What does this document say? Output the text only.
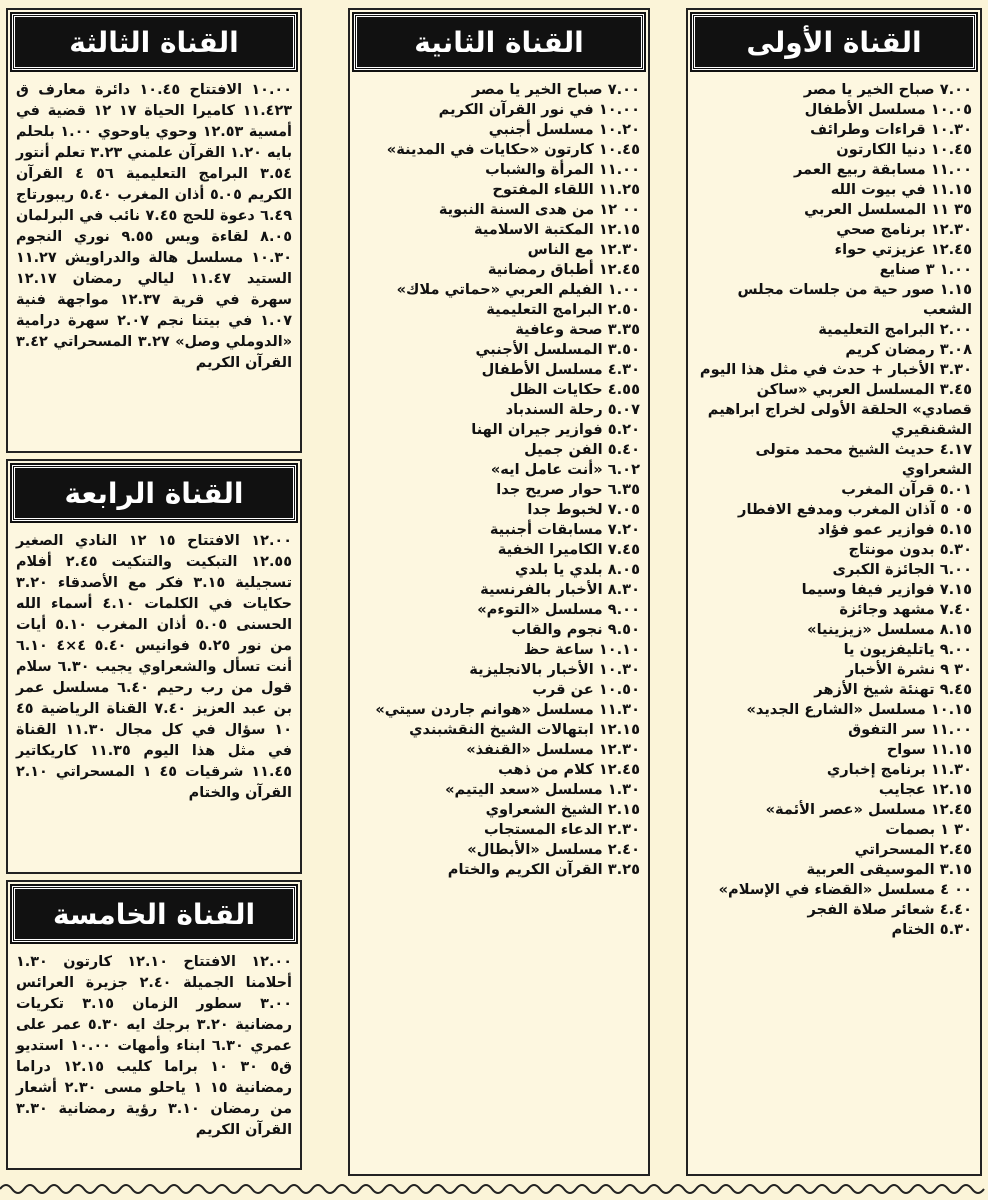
القناة الثالثة

١٠.٠٠ الافتتاح ١٠.٤٥ دائرة معارف ق ١١.٤٢٣ كاميرا الحياة ١٧ ١٢ قضية في أمسية ١٢.٥٣ وحوي ياوحوي ١.٠٠ بلحلم بايه ١.٢٠ القرآن علمني ٣.٢٣ تعلم أنتور ٣.٥٤ البرامج التعليمية ٥٦ ٤ القرآن الكريم ٥.٠٥ أذان المغرب ٥.٤٠ ريبورتاج ٦.٤٩ دعوة للحج ٧.٤٥ نائب في البرلمان ٨.٠٥ لقاءة ويس ٩.٥٥ نوري النجوم ١٠.٣٠ مسلسل هالة والدراويش ١١.٢٧ الستيد ١١.٤٧ ليالي رمضان ١٢.١٧ سهرة في قرية ١٢.٣٧ مواجهة فنية ١.٠٧ في بيتنا نجم ٢.٠٧ سهرة درامية «الدوملي وصل» ٣.٢٧ المسحراتي ٣.٤٢ القرآن الكريم

القناة الرابعة

١٢.٠٠ الافتتاح ١٥ ١٢ النادي الصغير ١٢.٥٥ التبكيت والتنكيت ٢.٤٥ أفلام تسجيلية ٣.١٥ فكر مع الأصدقاء ٣.٢٠ حكايات في الكلمات ٤.١٠ أسماء الله الحسنى ٥.٠٥ أذان المغرب ٥.١٠ أيات من نور ٥.٢٥ فوانيس ٥.٤٠ ٤×٤ ٦.١٠ أنت تسأل والشعراوي يجيب ٦.٣٠ سلام قول من رب رحيم ٦.٤٠ مسلسل عمر بن عبد العزيز ٧.٤٠ القناة الرياضية ٤٥ ١٠ سؤال في كل مجال ١١.٣٠ القناة في مثل هذا اليوم ١١.٣٥ كاريكاتير ١١.٤٥ شرقيات ٤٥ ١ المسحراتي ٢.١٠ القرآن والختام

القناة الخامسة

١٢.٠٠ الافتتاح ١٢.١٠ كارتون ١.٣٠ أحلامنا الجميلة ٢.٤٠ جزيرة العرائس ٣.٠٠ سطور الزمان ٣.١٥ تكريات رمضانية ٣.٢٠ برجك ايه ٥.٣٠ عمر على عمري ٦.٣٠ ابناء وأمهات ١٠.٠٠ استديو ق٥ ٣٠ ١٠ براما كليب ١٢.١٥ دراما رمضانية ١٥ ١ ياحلو مسى ٢.٣٠ أشعار من رمضان ٣.١٠ رؤية رمضانية ٣.٣٠ القرآن الكريم

القناة الثانية

٧.٠٠ صباح الخير يا مصر

١٠.٠٠ في نور القرآن الكريم

١٠.٢٠ مسلسل أجنبي

١٠.٤٥ كارتون «حكايات في المدينة»

١١.٠٠ المرأة والشباب

١١.٢٥ اللقاء المفتوح

٠٠ ١٢ من هدى السنة النبوية

١٢.١٥ المكتبة الاسلامية

١٢.٣٠ مع الناس

١٢.٤٥ أطباق رمضانية

١.٠٠ الفيلم العربي «حماتي ملاك»

٢.٥٠ البرامج التعليمية

٣.٣٥ صحة وعافية

٣.٥٠ المسلسل الأجنبي

٤.٣٠ مسلسل الأطفال

٤.٥٥ حكايات الظل

٥.٠٧ رحلة السندباد

٥.٢٠ فوازير جيران الهنا

٥.٤٠ الفن جميل

٦.٠٢ «أنت عامل ايه»

٦.٣٥ حوار صريح جدا

٧.٠٥ لخبوط جدا

٧.٢٠ مسابقات أجنبية

٧.٤٥ الكاميرا الخفية

٨.٠٥ بلدي يا بلدي

٨.٣٠ الأخبار بالفرنسية

٩.٠٠ مسلسل «التوءم»

٩.٥٠ نجوم والقاب

١٠.١٠ ساعة حظ

١٠.٣٠ الأخبار بالانجليزية

١٠.٥٠ عن قرب

١١.٣٠ مسلسل «هوانم جاردن سيتي»

١٢.١٥ ابتهالات الشيخ النقشبندي

١٢.٣٠ مسلسل «القنفذ»

١٢.٤٥ كلام من ذهب

١.٣٠ مسلسل «سعد اليتيم»

٢.١٥ الشيخ الشعراوي

٢.٣٠ الدعاء المستجاب

٢.٤٠ مسلسل «الأبطال»

٣.٢٥ القرآن الكريم والختام

القناة الأولى

٧.٠٠ صباح الخير يا مصر

١٠.٠٥ مسلسل الأطفال

١٠.٣٠ قراءات وطرائف

١٠.٤٥ دنيا الكارتون

١١.٠٠ مسابقة ربيع العمر

١١.١٥ في بيوت الله

٣٥ ١١ المسلسل العربي

١٢.٣٠ برنامج صحي

١٢.٤٥ عزيزتي حواء

١.٠٠ ٣ صنايع

١.١٥ صور حية من جلسات مجلس الشعب

٢.٠٠ البرامج التعليمية

٣.٠٨ رمضان كريم

٣.٣٠ الأخبار + حدث في مثل هذا اليوم

٣.٤٥ المسلسل العربي «ساكن قصادي» الحلقة الأولى لخراج ابراهيم الشقنقيري

٤.١٧ حديث الشيخ محمد متولى الشعراوي

٥.٠١ قرآن المغرب

٠٥ ٥ آذان المغرب ومدفع الافطار

٥.١٥ فوازير عمو فؤاد

٥.٣٠ بدون مونتاج

٦.٠٠ الجائزة الكبرى

٧.١٥ فوازير فيفا وسيما

٧.٤٠ مشهد وجائزة

٨.١٥ مسلسل «زيزينيا»

٩.٠٠ ياتليفزيون يا

٣٠ ٩ نشرة الأخبار

٩.٤٥ تهنئة شيخ الأزهر

١٠.١٥ مسلسل «الشارع الجديد»

١١.٠٠ سر التفوق

١١.١٥ سواح

١١.٣٠ برنامج إخباري

١٢.١٥ عجايب

١٢.٤٥ مسلسل «عصر الأئمة»

٣٠ ١ بصمات

٢.٤٥ المسحراتي

٣.١٥ الموسيقى العربية

٠٠ ٤ مسلسل «القضاء في الإسلام»

٤.٤٠ شعائر صلاة الفجر

٥.٣٠ الختام
